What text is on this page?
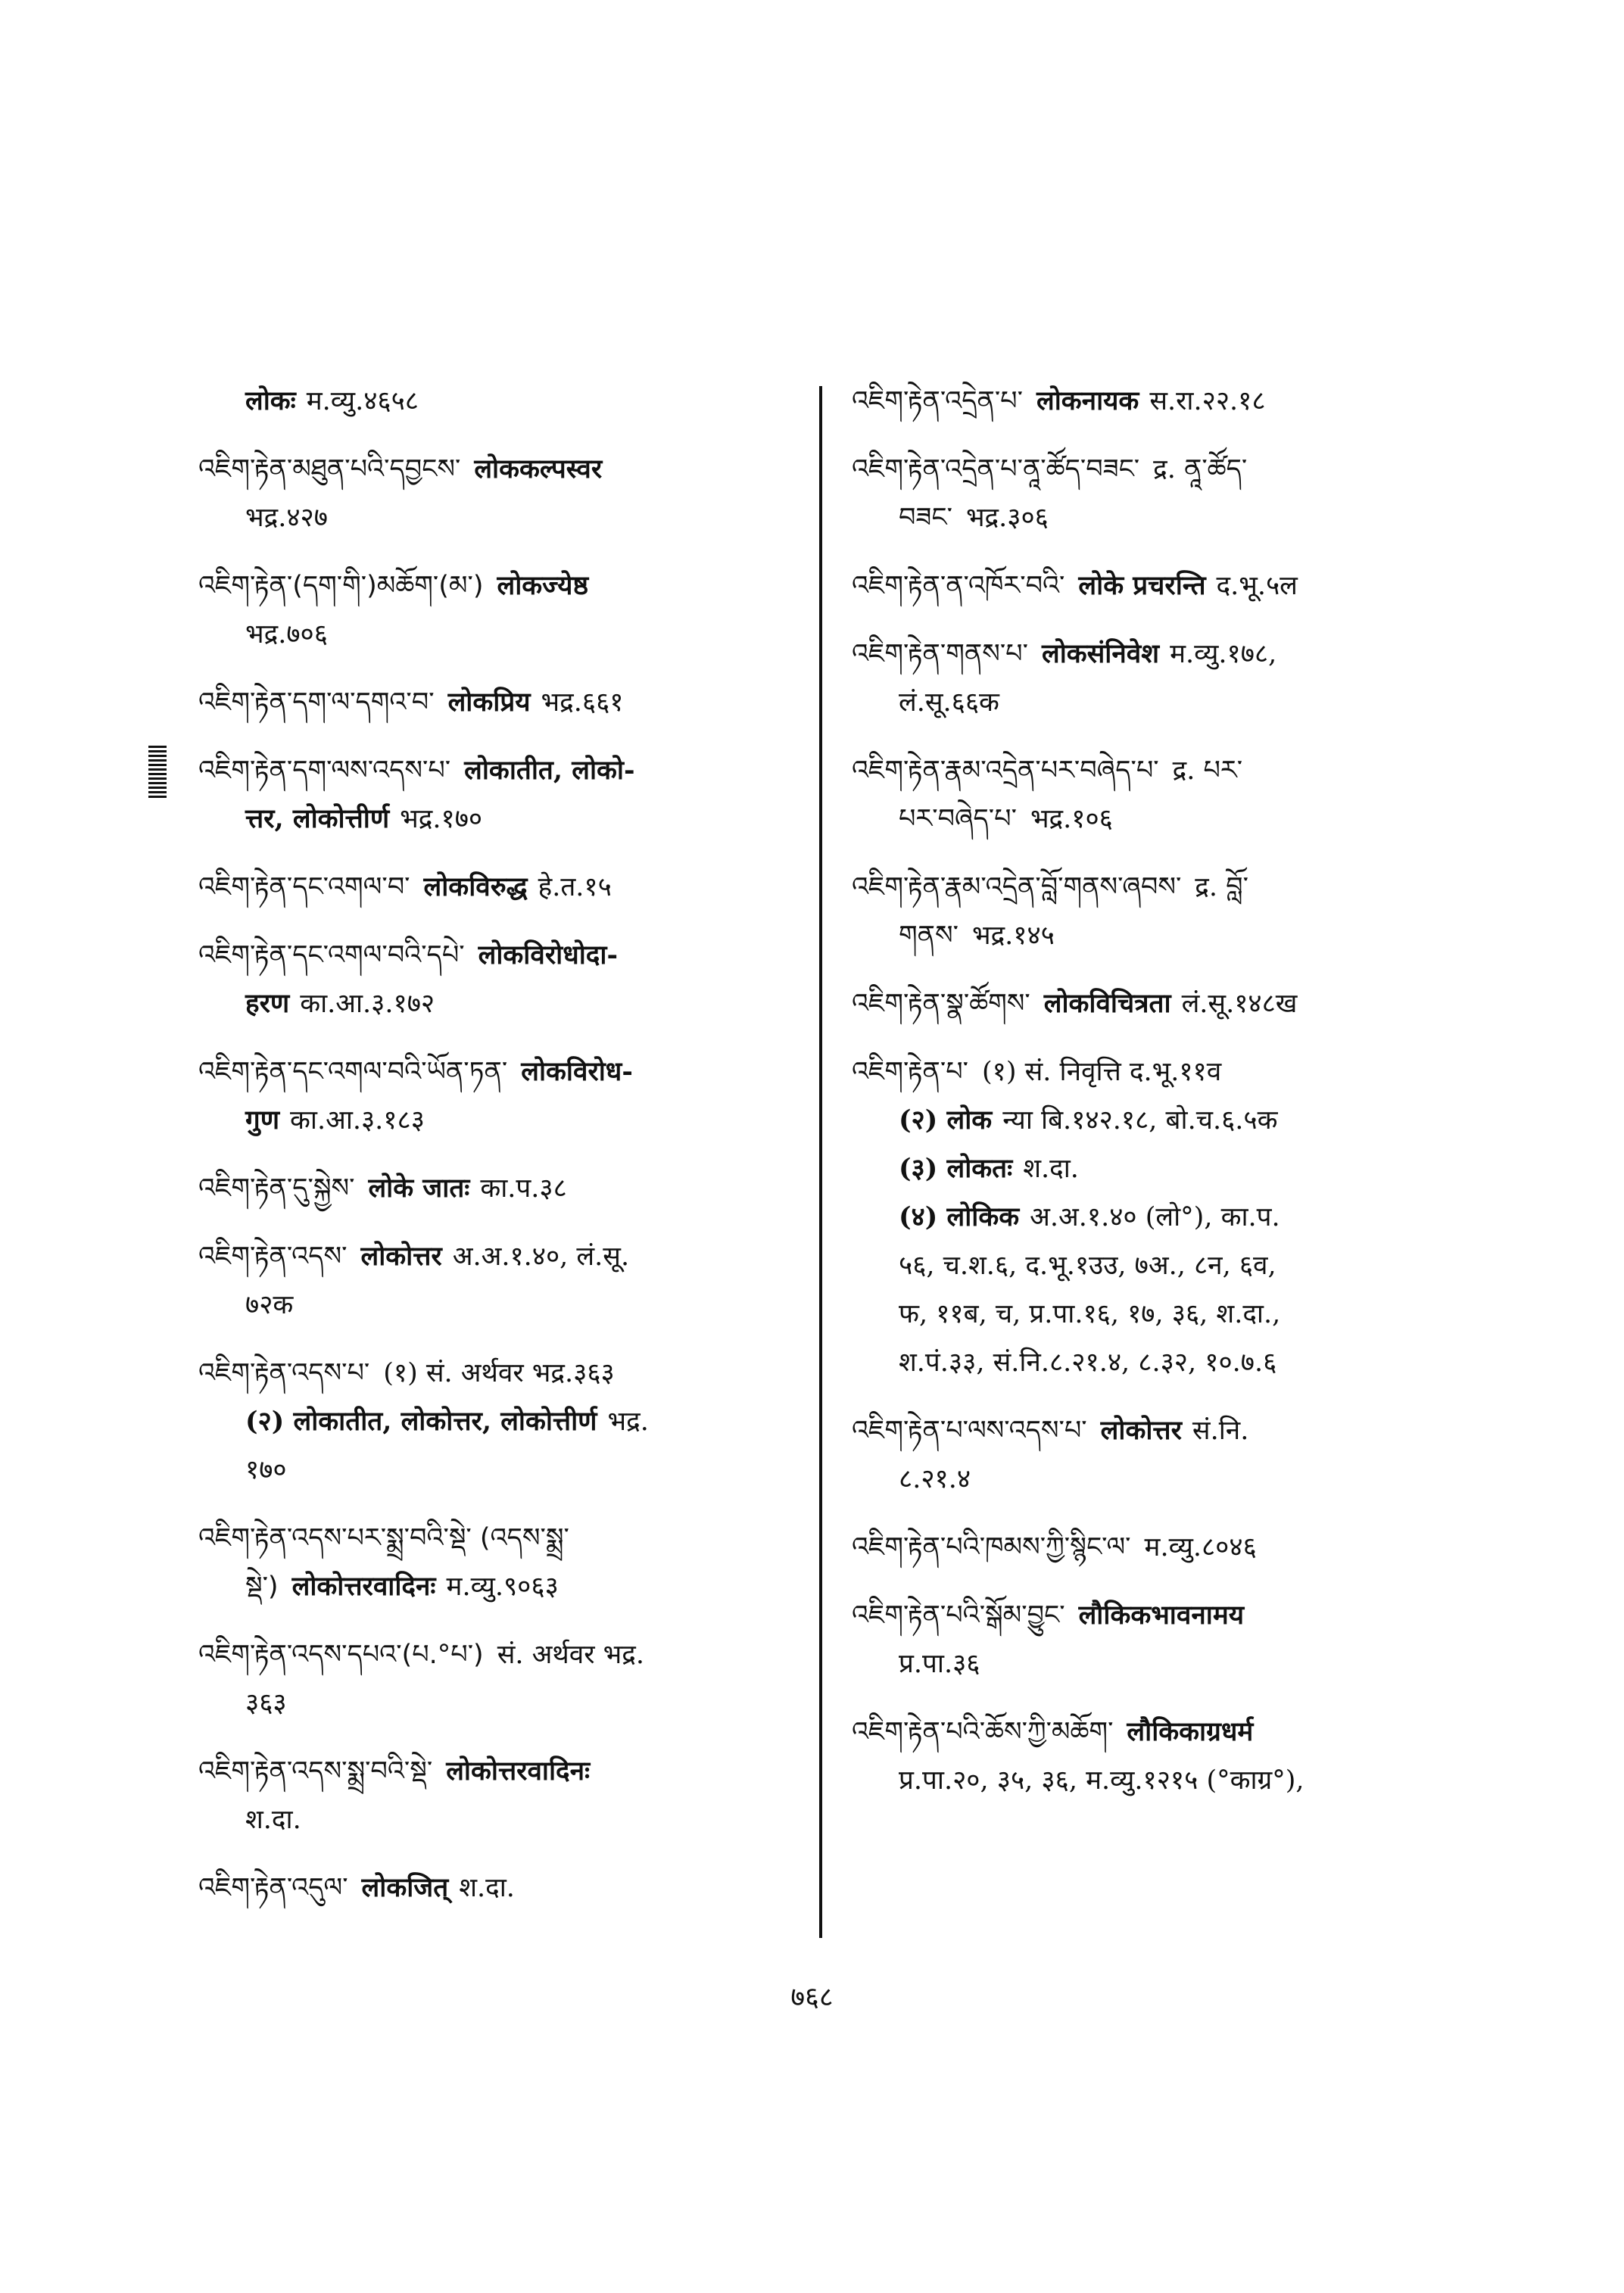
लोकः म.व्यु.४६५८
འཇིག་རྟེན་མཐུན་པའི་དབྱངས་ लोककल्पस्वर
भद्र.४२७
འཇིག་རྟེན་(དག་གི་)མཆོག་(མ་) लोकज्येष्ठ
भद्र.७०६
འཇིག་རྟེན་དག་ལ་དགའ་བ་ लोकप्रिय भद्र.६६१
འཇིག་རྟེན་དག་ལས་འདས་པ་ लोकातीत, लोको-
त्तर, लोकोत्तीर्ण भद्र.१७०
འཇིག་རྟེན་དང་འགལ་བ་ लोकविरुद्ध हे.त.१५
འཇིག་རྟེན་དང་འགལ་བའི་དཔེ་ लोकविरोधोदा-
हरण का.आ.३.१७२
འཇིག་རྟེན་དང་འགལ་བའི་ཡོན་ཏན་ लोकविरोध-
गुण का.आ.३.१८३
འཇིག་རྟེན་དུ་སྐྱེས་ लोके जातः का.प.३८
འཇིག་རྟེན་འདས་ लोकोत्तर अ.अ.१.४०, लं.सू.
७२क
འཇིག་རྟེན་འདས་པ་ (१) सं. अर्थवर भद्र.३६३
(२) लोकातीत, लोकोत्तर, लोकोत्तीर्ण भद्र.
१७०
འཇིག་རྟེན་འདས་པར་སྨྲ་བའི་སྡེ་ (འདས་སྨྲ་
སྡེ་) लोकोत्तरवादिनः म.व्यु.९०६३
འཇིག་རྟེན་འདས་དཔའ་(པ.°པ་) सं. अर्थवर भद्र.
३६३
འཇིག་རྟེན་འདས་སྨྲ་བའི་སྡེ་ लोकोत्तरवादिनः
श.दा.
འཇིག་རྟེན་འདུལ་ लोकजित् श.दा.
འཇིག་རྟེན་འདྲེན་པ་ लोकनायक स.रा.२२.१८
འཇིག་རྟེན་འདྲེན་པ་ནཱ་ཚོད་བཟང་ द्र. ནཱ་ཚོད་
བཟང་ भद्र.३०६
འཇིག་རྟེན་ན་འཁོར་བའི་ लोके प्रचरन्ति द.भू.५ल
འཇིག་རྟེན་གནས་པ་ लोकसंनिवेश म.व्यु.१७८,
लं.सू.६६क
འཇིག་རྟེན་རྣམ་འདྲེན་པར་བཞེད་པ་ द्र. པར་
པར་བཞེད་པ་ भद्र.१०६
འཇིག་རྟེན་རྣམ་འདྲེན་བློ་གནས་ཞབས་ द्र. བློ་
གནས་ भद्र.१४५
འཇིག་རྟེན་སྣ་ཚོགས་ लोकविचित्रता लं.सू.१४८ख
འཇིག་རྟེན་པ་ (१) सं. निवृत्ति द.भू.११व
(२) लोक न्या बि.१४२.१८, बो.च.६.५क
(३) लोकतः श.दा.
(४) लोकिक अ.अ.१.४० (लो°), का.प.
५६, च.श.६, द.भू.१उउ, ७अ., ८न, ६व,
फ, ११ब, च, प्र.पा.१६, १७, ३६, श.दा.,
श.पं.३३, सं.नि.८.२१.४, ८.३२, १०.७.६
འཇིག་རྟེན་པ་ལས་འདས་པ་ लोकोत्तर सं.नि.
८.२१.४
འཇིག་རྟེན་པའི་ཁམས་ཀྱི་སྙིང་ལ་ म.व्यु.८०४६
འཇིག་རྟེན་པའི་སྒོམ་བྱུང་ लौकिकभावनामय
प्र.पा.३६
འཇིག་རྟེན་པའི་ཆོས་ཀྱི་མཆོག་ लौकिकाग्रधर्म
प्र.पा.२०, ३५, ३६, म.व्यु.१२१५ (°काग्र°),
७६८
